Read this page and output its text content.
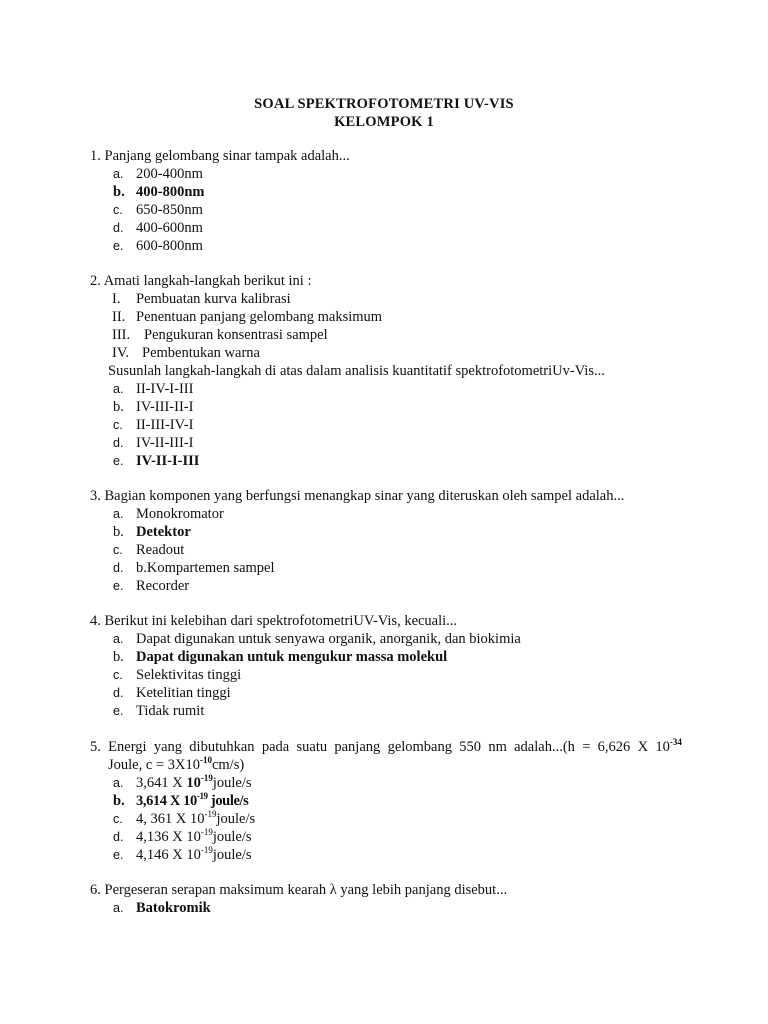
SOAL SPEKTROFOTOMETRI UV-VIS
KELOMPOK 1
1. Panjang gelombang sinar tampak adalah...
a. 200-400nm
b. 400-800nm
c. 650-850nm
d. 400-600nm
e. 600-800nm
2. Amati langkah-langkah berikut ini :
I. Pembuatan kurva kalibrasi
II. Penentuan panjang gelombang maksimum
III. Pengukuran konsentrasi sampel
IV. Pembentukan warna
Susunlah langkah-langkah di atas dalam analisis kuantitatif spektrofotometriUv-Vis...
a. II-IV-I-III
b. IV-III-II-I
c. II-III-IV-I
d. IV-II-III-I
e. IV-II-I-III
3. Bagian komponen yang berfungsi menangkap sinar yang diteruskan oleh sampel adalah...
a. Monokromator
b. Detektor
c. Readout
d. b.Kompartemen sampel
e. Recorder
4. Berikut ini kelebihan dari spektrofotometriUV-Vis, kecuali...
a. Dapat digunakan untuk senyawa organik, anorganik, dan biokimia
b. Dapat digunakan untuk mengukur massa molekul
c. Selektivitas tinggi
d. Ketelitian tinggi
e. Tidak rumit
5. Energi yang dibutuhkan pada suatu panjang gelombang 550 nm adalah...(h = 6,626 X $10^{-34}$
Joule, $c = 3X10^{-10}cm/s$)
a. 3,641 X $10^{-19}joule/s$
b. 3,614 X $10^{-19}$ joule/s
c. 4, 361 X $10^{-19}joule/s$
d. 4,136 X $10^{-19}joule/s$
e. 4,146 X $10^{-19}joule/s$
6. Pergeseran serapan maksimum kearah λ yang lebih panjang disebut...
a. Batokromik
